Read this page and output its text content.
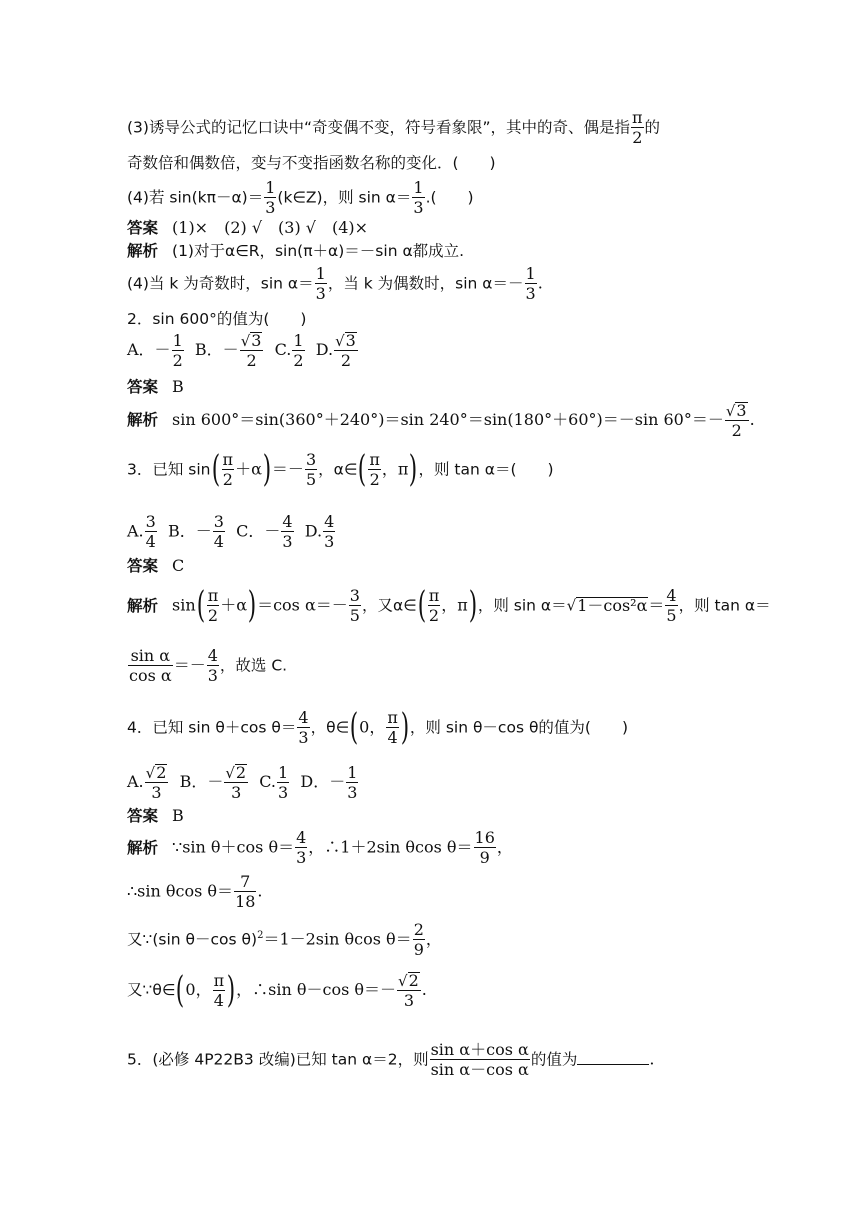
(3)诱导公式的记忆口诀中“奇变偶不变，符号看象限”，其中的奇、偶是指 $\frac{\pi}{2}$ 的
奇数倍和偶数倍，变与不变指函数名称的变化．(　　)
(4)若 $\sin(k\pi-\alpha)= \frac{1}{3}$ (k∈Z)，则 $\sin \alpha= \frac{1}{3}$ .(　　)
答案 (1)×　(2) √　(3) √　(4)×
解析 (1)对于α∈R，sin(π＋α)＝－sin α都成立.
(4)当 k 为奇数时，$\sin \alpha= \frac{1}{3}$ ，当 k 为偶数时，$\sin \alpha=- \frac{1}{3}$ .
2．sin 600°的值为(　　)
A．－ $\frac{1}{2}$ B．－ $\frac{√3}{2} C$. $\frac{1}{2} D$. $\frac{√3}{2}$
答案 B
解析 sin 600°＝sin(360°＋240°)＝sin 240°＝sin(180°＋60°)＝－sin $60^\circ=- \frac{√3}{2}$ .
3．已知 $\sin( \frac{\pi}{2} +\alpha)=- \frac{3}{5}$ ，α∈( $\frac{\pi}{2}$ ，π)，则 tan α＝(　　)
A. $\frac{3}{4}$ B．－ $\frac{3}{4}$ C．－ $\frac{4}{3} D$. $\frac{4}{3}$
答案 C
解析 $\sin( \frac{\pi}{2} +\alpha)=\cos$ $\alpha=- \frac{3}{5}$ ，又α∈( $\frac{\pi}{2}$ ，π)，则 $\sin \alpha=√1-\cos^2\alpha= \frac{4}{5}$ ，则 tan α＝
$\frac{\text{sin α}}{\text{cos α}} =- \frac{4}{3}$ ，故选 C.
4．已知 sin θ＋cos $\theta= \frac{4}{3}$ ，θ∈(0， $\frac{\pi}{4}$ )，则 sin θ－cos θ的值为(　　)
A. $\frac{√2}{3}$ B．－ $\frac{√2}{3} C$. $\frac{1}{3}$ D．－ $\frac{1}{3}$
答案 B
解析 ∵sin θ＋cos $\theta= \frac{4}{3}$ ，∴1＋2sin θcos $\theta= \frac{16}{9}$ ，
∴sin θcos $\theta= \frac{7}{18}$ .
又∵(sin θ－cos θ)$^2$＝1－2sin θcos $\theta= \frac{2}{9}$ ，
又∵θ∈(0， $\frac{\pi}{4}$ )，∴sin θ－cos $\theta=- \frac{√2}{3}$ .
5．(必修 4P22B3 改编)已知 tan α＝2，则 $\frac{\text{sin α＋cos α}}{\text{sin α－cos α}}$ 的值为	.
